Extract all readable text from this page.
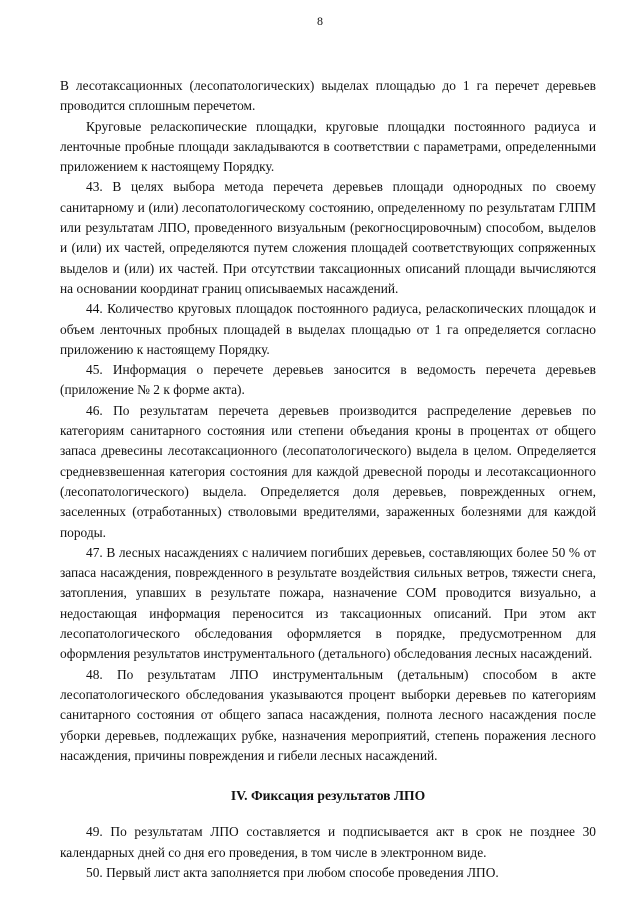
8

В лесотаксационных (лесопатологических) выделах площадью до 1 га перечет деревьев проводится сплошным перечетом.

Круговые реласкопические площадки, круговые площадки постоянного радиуса и ленточные пробные площади закладываются в соответствии с параметрами, определенными приложением к настоящему Порядку.

43. В целях выбора метода перечета деревьев площади однородных по своему санитарному и (или) лесопатологическому состоянию, определенному по результатам ГЛПМ или результатам ЛПО, проведенного визуальным (рекогносцировочным) способом, выделов и (или) их частей, определяются путем сложения площадей соответствующих сопряженных выделов и (или) их частей. При отсутствии таксационных описаний площади вычисляются на основании координат границ описываемых насаждений.

44. Количество круговых площадок постоянного радиуса, реласкопических площадок и объем ленточных пробных площадей в выделах площадью от 1 га определяется согласно приложению к настоящему Порядку.

45. Информация о перечете деревьев заносится в ведомость перечета деревьев (приложение № 2 к форме акта).

46. По результатам перечета деревьев производится распределение деревьев по категориям санитарного состояния или степени объедания кроны в процентах от общего запаса древесины лесотаксационного (лесопатологического) выдела в целом. Определяется средневзвешенная категория состояния для каждой древесной породы и лесотаксационного (лесопатологического) выдела. Определяется доля деревьев, поврежденных огнем, заселенных (отработанных) стволовыми вредителями, зараженных болезнями для каждой породы.

47. В лесных насаждениях с наличием погибших деревьев, составляющих более 50 % от запаса насаждения, поврежденного в результате воздействия сильных ветров, тяжести снега, затопления, упавших в результате пожара, назначение СОМ проводится визуально, а недостающая информация переносится из таксационных описаний. При этом акт лесопатологического обследования оформляется в порядке, предусмотренном для оформления результатов инструментального (детального) обследования лесных насаждений.

48. По результатам ЛПО инструментальным (детальным) способом в акте лесопатологического обследования указываются процент выборки деревьев по категориям санитарного состояния от общего запаса насаждения, полнота лесного насаждения после уборки деревьев, подлежащих рубке, назначения мероприятий, степень поражения лесного насаждения, причины повреждения и гибели лесных насаждений.

IV. Фиксация результатов ЛПО

49. По результатам ЛПО составляется и подписывается акт в срок не позднее 30 календарных дней со дня его проведения, в том числе в электронном виде.

50. Первый лист акта заполняется при любом способе проведения ЛПО.
